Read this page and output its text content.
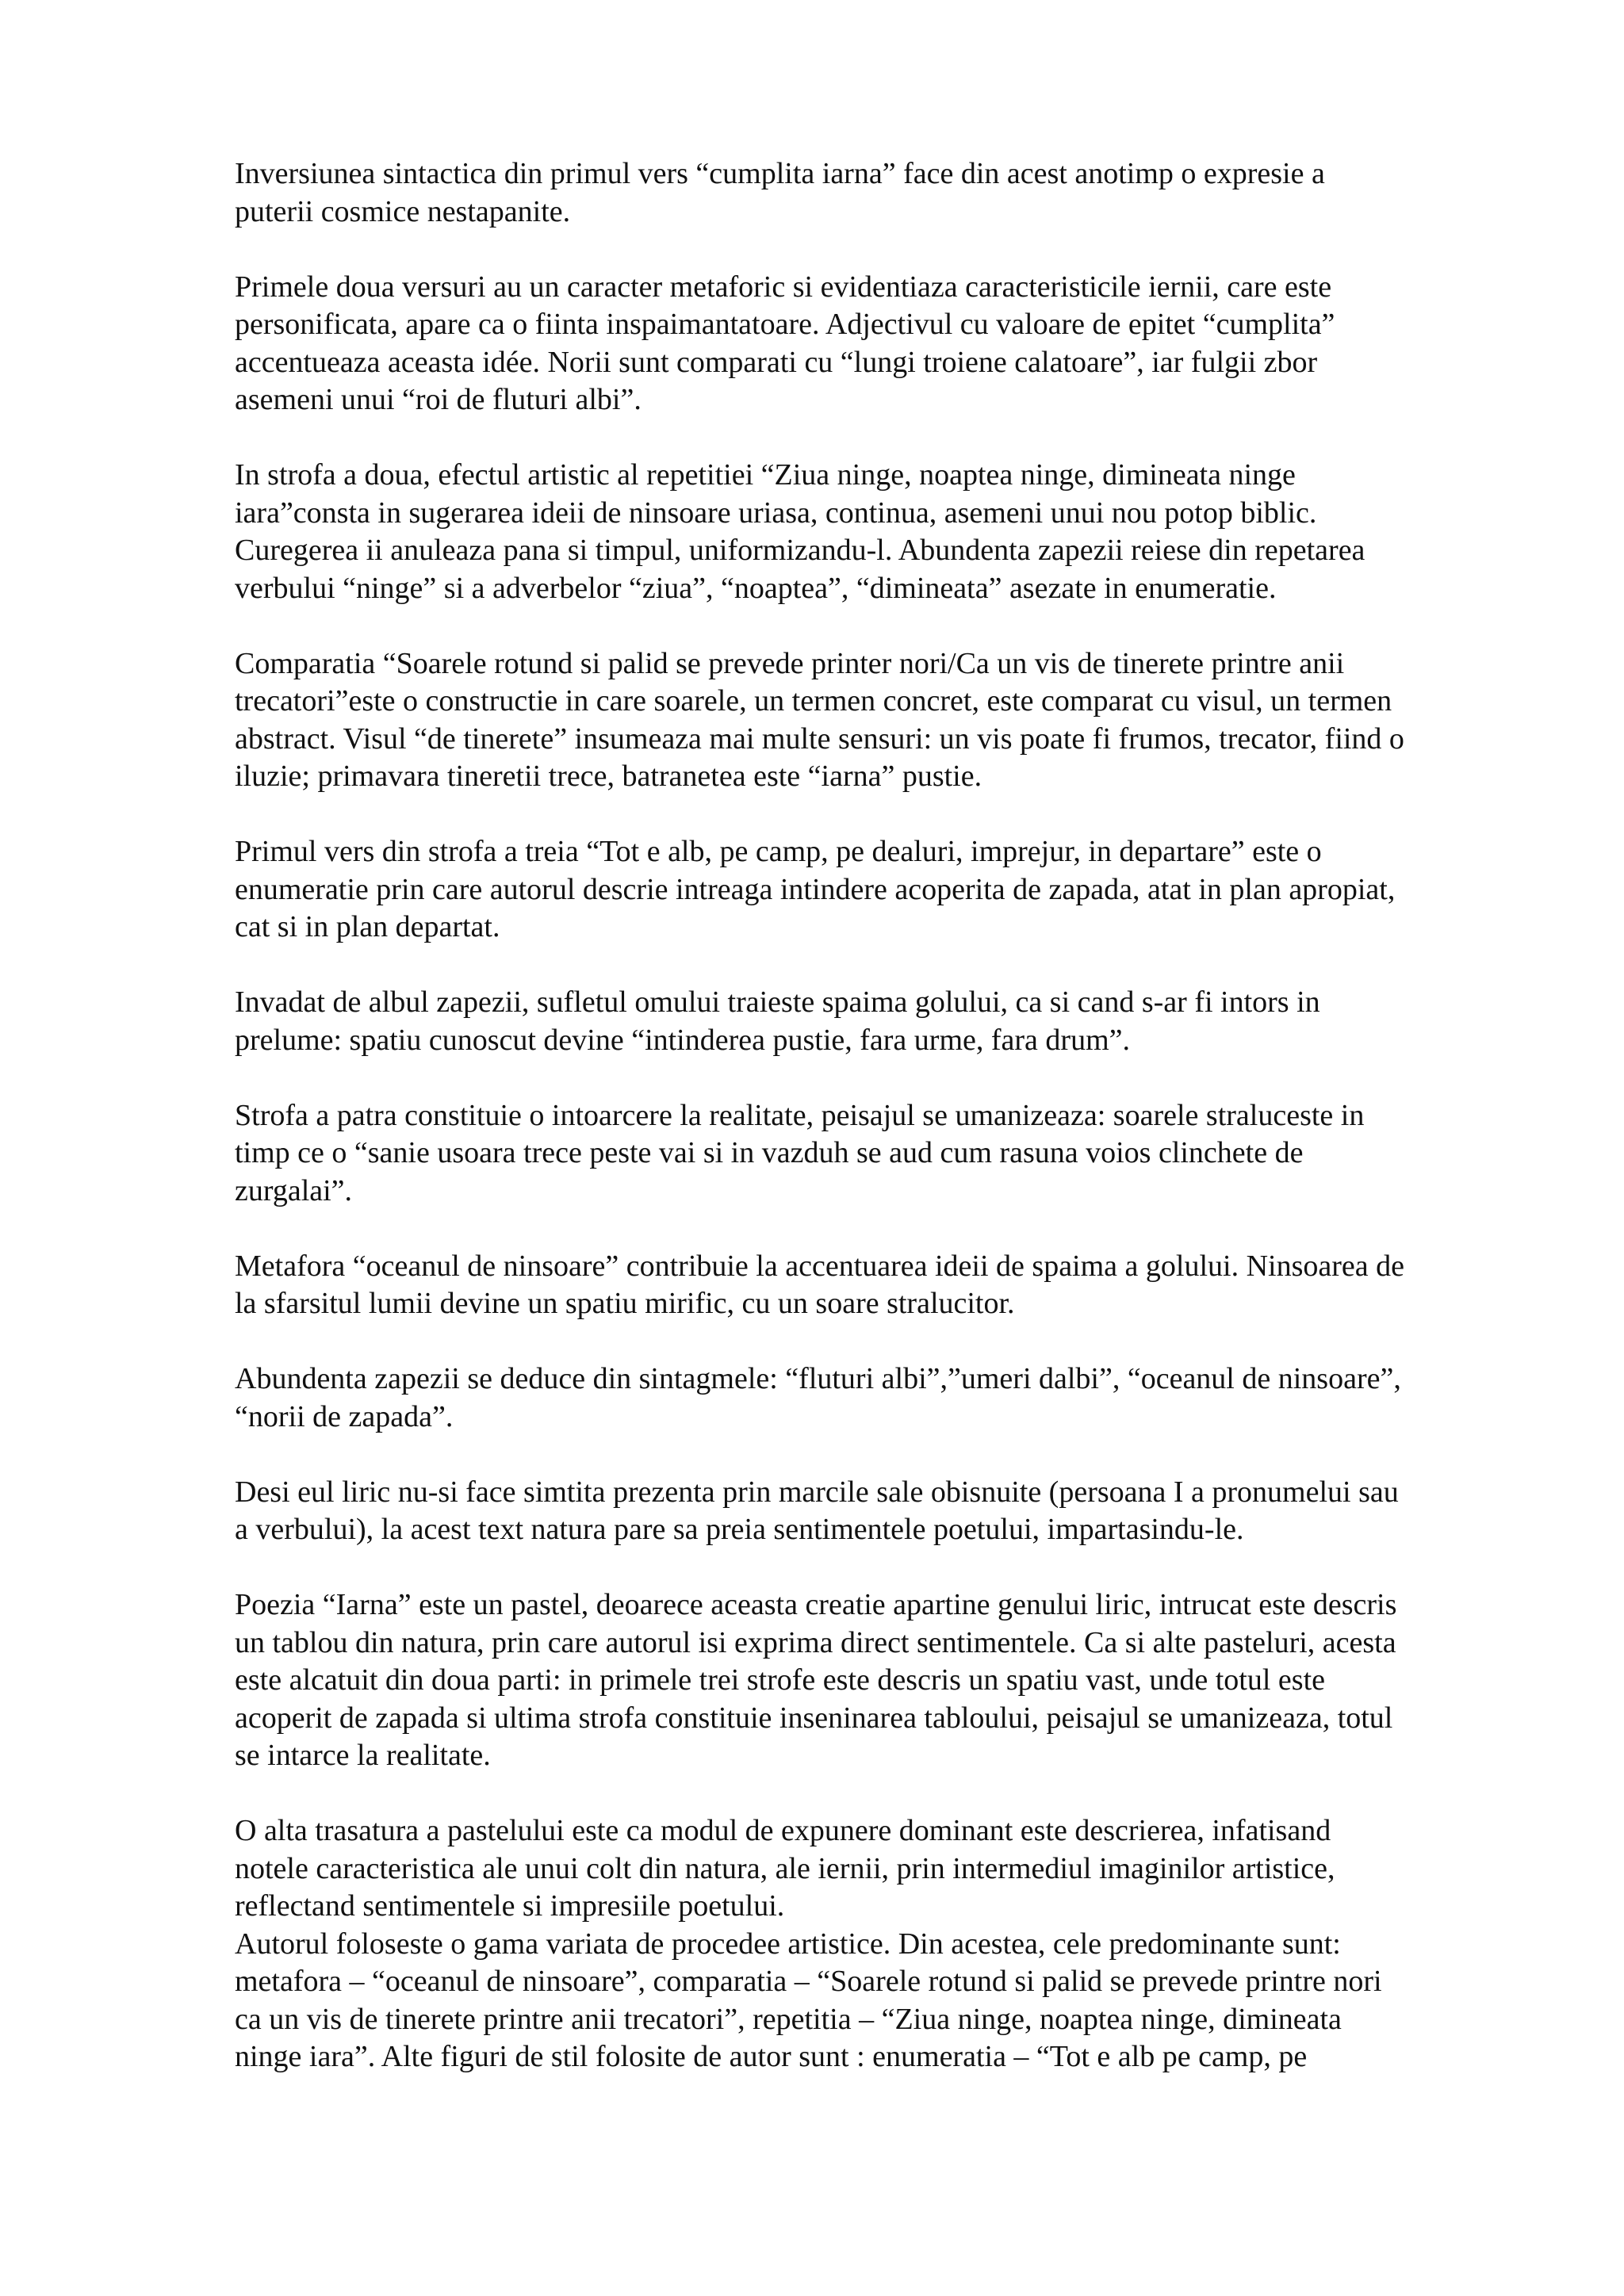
Inversiunea sintactica din primul vers “cumplita iarna” face din acest anotimp o expresie a
puterii cosmice nestapanite.
Primele doua versuri au un caracter metaforic si evidentiaza caracteristicile iernii, care este
personificata, apare ca o fiinta inspaimantatoare. Adjectivul cu valoare de epitet “cumplita”
accentueaza aceasta idée. Norii sunt comparati cu “lungi troiene calatoare”, iar fulgii zbor
asemeni unui “roi de fluturi albi”.
In strofa a doua, efectul artistic al repetitiei “Ziua ninge, noaptea ninge, dimineata ninge
iara”consta in sugerarea ideii de ninsoare uriasa, continua, asemeni unui nou potop biblic.
Curegerea ii anuleaza pana si timpul, uniformizandu-l. Abundenta zapezii reiese din repetarea
verbului “ninge” si a adverbelor “ziua”, “noaptea”, “dimineata” asezate in enumeratie.
Comparatia “Soarele rotund si palid se prevede printer nori/Ca un vis de tinerete printre anii
trecatori”este o constructie in care soarele, un termen concret, este comparat cu visul, un termen
abstract. Visul “de tinerete” insumeaza mai multe sensuri: un vis poate fi frumos, trecator, fiind o
iluzie; primavara tineretii trece, batranetea este “iarna” pustie.
Primul vers din strofa a treia “Tot e alb, pe camp, pe dealuri, imprejur, in departare” este o
enumeratie prin care autorul descrie intreaga intindere acoperita de zapada, atat in plan apropiat,
cat si in plan departat.
Invadat de albul zapezii, sufletul omului traieste spaima golului, ca si cand s-ar fi intors in
prelume: spatiu cunoscut devine “intinderea pustie, fara urme, fara drum”.
Strofa a patra constituie o intoarcere la realitate, peisajul se umanizeaza: soarele straluceste in
timp ce o “sanie usoara trece peste vai si in vazduh se aud cum rasuna voios clinchete de
zurgalai”.
Metafora “oceanul de ninsoare” contribuie la accentuarea ideii de spaima a golului. Ninsoarea de
la sfarsitul lumii devine un spatiu mirific, cu un soare stralucitor.
Abundenta zapezii se deduce din sintagmele: “fluturi albi”,”umeri dalbi”, “oceanul de ninsoare”,
“norii de zapada”.
Desi eul liric nu-si face simtita prezenta prin marcile sale obisnuite (persoana I a pronumelui sau
a verbului), la acest text natura pare sa preia sentimentele poetului, impartasindu-le.
Poezia “Iarna” este un pastel, deoarece aceasta creatie apartine genului liric, intrucat este descris
un tablou din natura, prin care autorul isi exprima direct sentimentele. Ca si alte pasteluri, acesta
este alcatuit din doua parti: in primele trei strofe este descris un spatiu vast, unde totul este
acoperit de zapada si ultima strofa constituie inseninarea tabloului, peisajul se umanizeaza, totul
se intarce la realitate.
O alta trasatura a pastelului este ca modul de expunere dominant este descrierea, infatisand
notele caracteristica ale unui colt din natura, ale iernii, prin intermediul imaginilor artistice,
reflectand sentimentele si impresiile poetului.
Autorul foloseste o gama variata de procedee artistice. Din acestea, cele predominante sunt:
metafora – “oceanul de ninsoare”, comparatia – “Soarele rotund si palid se prevede printre nori
ca un vis de tinerete printre anii trecatori”, repetitia – “Ziua ninge, noaptea ninge, dimineata
ninge iara”. Alte figuri de stil folosite de autor sunt : enumeratia – “Tot e alb pe camp, pe
